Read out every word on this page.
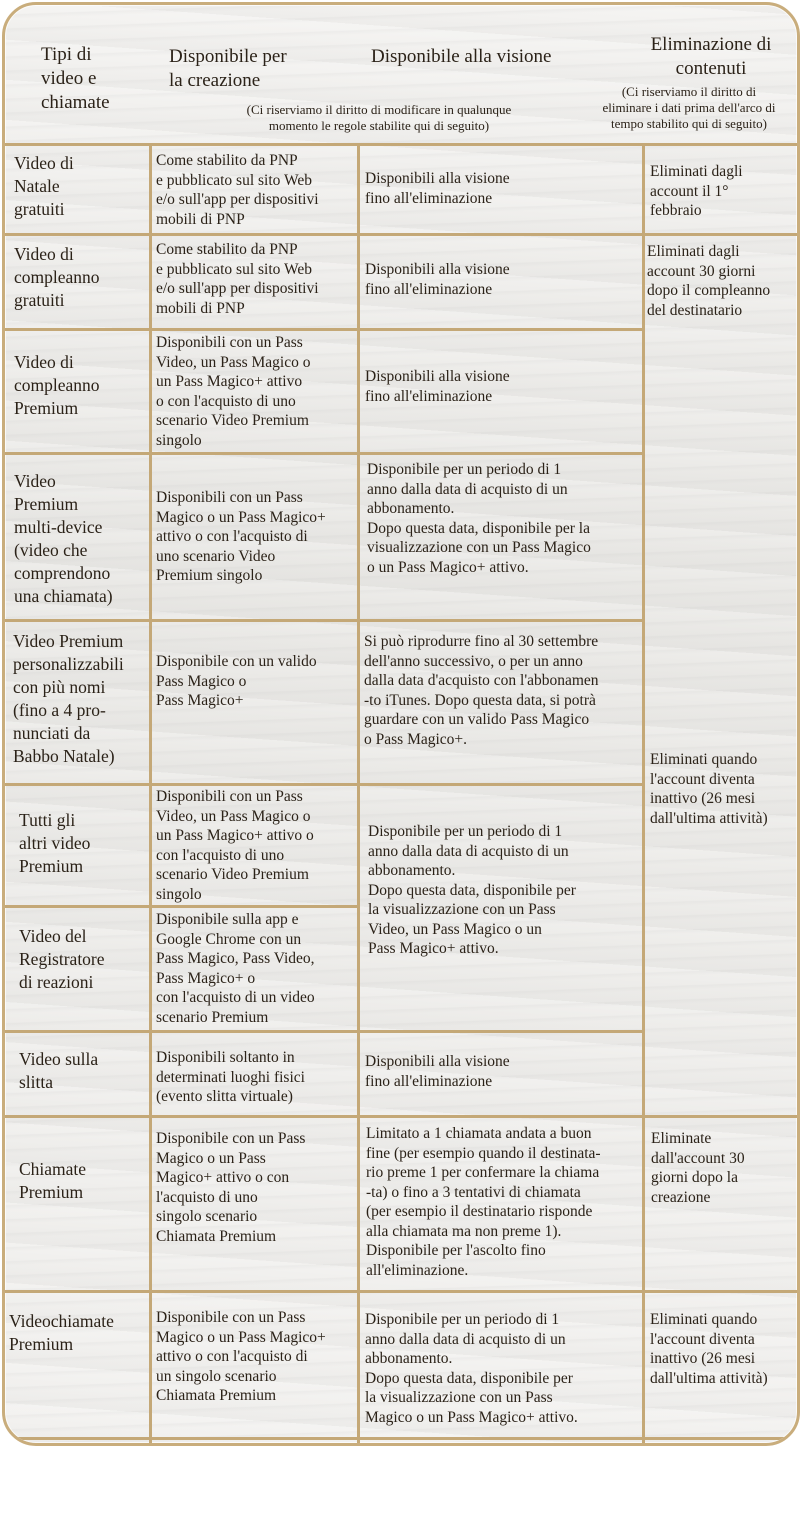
Tipi di
video e
chiamate
Disponibile per
la creazione
(Ci riserviamo il diritto di modificare in qualunque
momento le regole stabilite qui di seguito)
Disponibile alla visione
Eliminazione di
contenuti
(Ci riserviamo il diritto di
eliminare i dati prima dell'arco di
tempo stabilito qui di seguito)
Video di
Natale
gratuiti
Come stabilito da PNP
e pubblicato sul sito Web
e/o sull'app per dispositivi
mobili di PNP
Disponibili alla visione
fino all'eliminazione
Eliminati dagli
account il 1°
febbraio
Video di
compleanno
gratuiti
Come stabilito da PNP
e pubblicato sul sito Web
e/o sull'app per dispositivi
mobili di PNP
Disponibili alla visione
fino all'eliminazione
Eliminati dagli
account 30 giorni
dopo il compleanno
del destinatario
Video di
compleanno
Premium
Disponibili con un Pass
Video, un Pass Magico o
un Pass Magico+ attivo
o con l'acquisto di uno
scenario Video Premium
singolo
Disponibili alla visione
fino all'eliminazione
Video
Premium
multi-device
(video che
comprendono
una chiamata)
Disponibili con un Pass
Magico o un Pass Magico+
attivo o con l'acquisto di
uno scenario Video
Premium singolo
Disponibile per un periodo di 1
anno dalla data di acquisto di un
abbonamento.
Dopo questa data, disponibile per la
visualizzazione con un Pass Magico
o un Pass Magico+ attivo.
Video Premium
personalizzabili
con più nomi
(fino a 4 pro-
nunciati da
Babbo Natale)
Disponibile con un valido
Pass Magico o
Pass Magico+
Si può riprodurre fino al 30 settembre
dell'anno successivo, o per un anno
dalla data d'acquisto con l'abbonamen
-to iTunes. Dopo questa data, si potrà
guardare con un valido Pass Magico
o Pass Magico+.
Tutti gli
altri video
Premium
Disponibili con un Pass
Video, un Pass Magico o
un Pass Magico+ attivo o
con l'acquisto di uno
scenario Video Premium
singolo
Video del
Registratore
di reazioni
Disponibile sulla app e
Google Chrome con un
Pass Magico, Pass Video,
Pass Magico+ o
con l'acquisto di un video
scenario Premium
Disponibile per un periodo di 1
anno dalla data di acquisto di un
abbonamento.
Dopo questa data, disponibile per
la visualizzazione con un Pass
Video, un Pass Magico o un
Pass Magico+ attivo.
Video sulla
slitta
Disponibili soltanto in
determinati luoghi fisici
(evento slitta virtuale)
Disponibili alla visione
fino all'eliminazione
Eliminati quando
l'account diventa
inattivo (26 mesi
dall'ultima attività)
Chiamate
Premium
Disponibile con un Pass
Magico o un Pass
Magico+ attivo o con
l'acquisto di uno
singolo scenario
Chiamata Premium
Limitato a 1 chiamata andata a buon
fine (per esempio quando il destinata-
rio preme 1 per confermare la chiama
-ta) o fino a 3 tentativi di chiamata
(per esempio il destinatario risponde
alla chiamata ma non preme 1).
Disponibile per l'ascolto fino
all'eliminazione.
Eliminate
dall'account 30
giorni dopo la
creazione
Videochiamate
Premium
Disponibile con un Pass
Magico o un Pass Magico+
attivo o con l'acquisto di
un singolo scenario
Chiamata Premium
Disponibile per un periodo di 1
anno dalla data di acquisto di un
abbonamento.
Dopo questa data, disponibile per
la visualizzazione con un Pass
Magico o un Pass Magico+ attivo.
Eliminati quando
l'account diventa
inattivo (26 mesi
dall'ultima attività)
